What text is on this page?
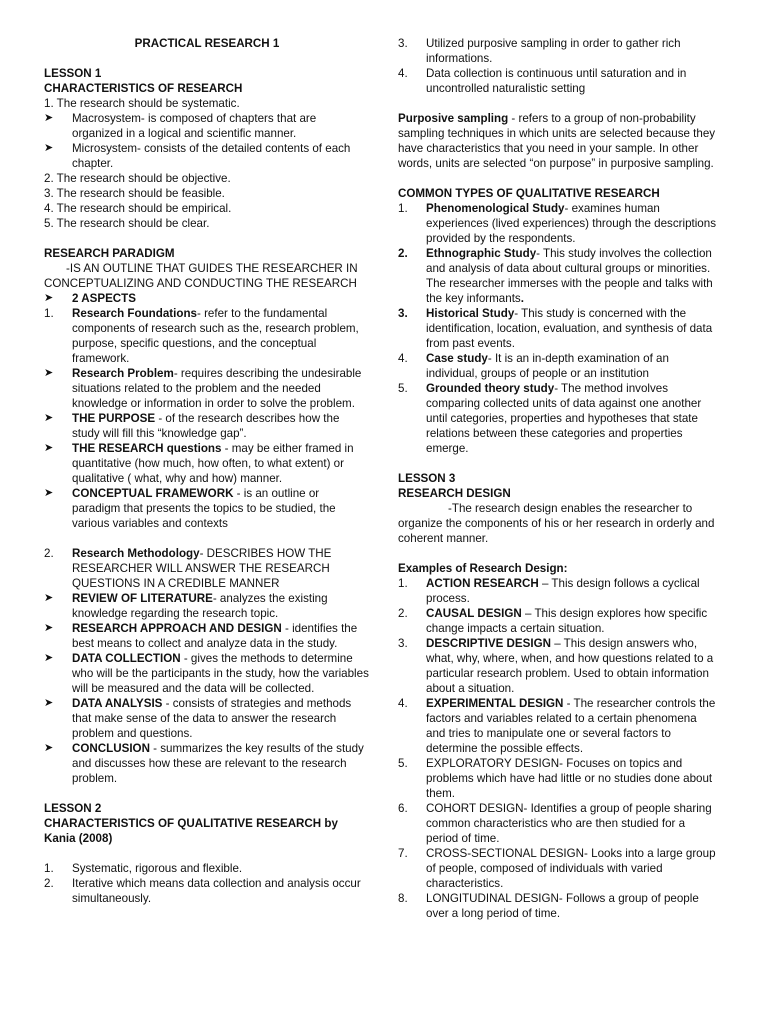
PRACTICAL RESEARCH 1

LESSON 1

CHARACTERISTICS OF RESEARCH

1. The research should be systematic.

➤	Macrosystem- is composed of chapters that are organized in a logical and scientific manner.
➤	Microsystem- consists of the detailed contents of each chapter.

2. The research should be objective.

3. The research should be feasible.

4. The research should be empirical.

5. The research should be clear.

RESEARCH PARADIGM

-IS AN OUTLINE THAT GUIDES THE RESEARCHER IN CONCEPTUALIZING AND CONDUCTING THE RESEARCH

➤	2 ASPECTS
1.	Research Foundations- refer to the fundamental components of research such as the, research problem, purpose, specific questions, and the conceptual framework.
➤	Research Problem- requires describing the undesirable situations related to the problem and the needed knowledge or information in order to solve the problem.
➤	THE PURPOSE - of the research describes how the study will fill this “knowledge gap”.
➤	THE RESEARCH questions - may be either framed in quantitative (how much, how often, to what extent) or qualitative ( what, why and how) manner.
➤	CONCEPTUAL FRAMEWORK - is an outline or paradigm that presents the topics to be studied, the various variables and contexts
2.	Research Methodology- DESCRIBES HOW THE RESEARCHER WILL ANSWER THE RESEARCH QUESTIONS IN A CREDIBLE MANNER
➤	REVIEW OF LITERATURE- analyzes the existing knowledge regarding the research topic.
➤	RESEARCH APPROACH AND DESIGN - identifies the best means to collect and analyze data in the study.
➤	DATA COLLECTION - gives the methods to determine who will be the participants in the study, how the variables will be measured and the data will be collected.
➤	DATA ANALYSIS - consists of strategies and methods that make sense of the data to answer the research problem and questions.
➤	CONCLUSION - summarizes the key results of the study and discusses how these are relevant to the research problem.

LESSON 2

CHARACTERISTICS OF QUALITATIVE RESEARCH by Kania (2008)

1.	Systematic, rigorous and flexible.
2.	Iterative which means data collection and analysis occur simultaneously.
3.	Utilized purposive sampling in order to gather rich informations.
4.	Data collection is continuous until saturation and in uncontrolled naturalistic setting

Purposive sampling - refers to a group of non-probability sampling techniques in which units are selected because they have characteristics that you need in your sample. In other words, units are selected “on purpose” in purposive sampling.

COMMON TYPES OF QUALITATIVE RESEARCH

1.	Phenomenological Study- examines human experiences (lived experiences) through the descriptions provided by the respondents.
2.	Ethnographic Study- This study involves the collection and analysis of data about cultural groups or minorities. The researcher immerses with the people and talks with the key informants.
3.	Historical Study- This study is concerned with the identification, location, evaluation, and synthesis of data from past events.
4.	Case study- It is an in-depth examination of an individual, groups of people or an institution
5.	Grounded theory study- The method involves comparing collected units of data against one another until categories, properties and hypotheses that state relations between these categories and properties emerge.

LESSON 3

RESEARCH DESIGN

-The research design enables the researcher to organize the components of his or her research in orderly and coherent manner.

Examples of Research Design:

1.	ACTION RESEARCH – This design follows a cyclical process.
2.	CAUSAL DESIGN – This design explores how specific change impacts a certain situation.
3.	DESCRIPTIVE DESIGN – This design answers who, what, why, where, when, and how questions related to a particular research problem. Used to obtain information about a situation.
4.	EXPERIMENTAL DESIGN - The researcher controls the factors and variables related to a certain phenomena and tries to manipulate one or several factors to determine the possible effects.
5.	EXPLORATORY DESIGN- Focuses on topics and problems which have had little or no studies done about them.
6.	COHORT DESIGN- Identifies a group of people sharing common characteristics who are then studied for a period of time.
7.	CROSS-SECTIONAL DESIGN- Looks into a large group of people, composed of individuals with varied characteristics.
8.	LONGITUDINAL DESIGN- Follows a group of people over a long period of time.
